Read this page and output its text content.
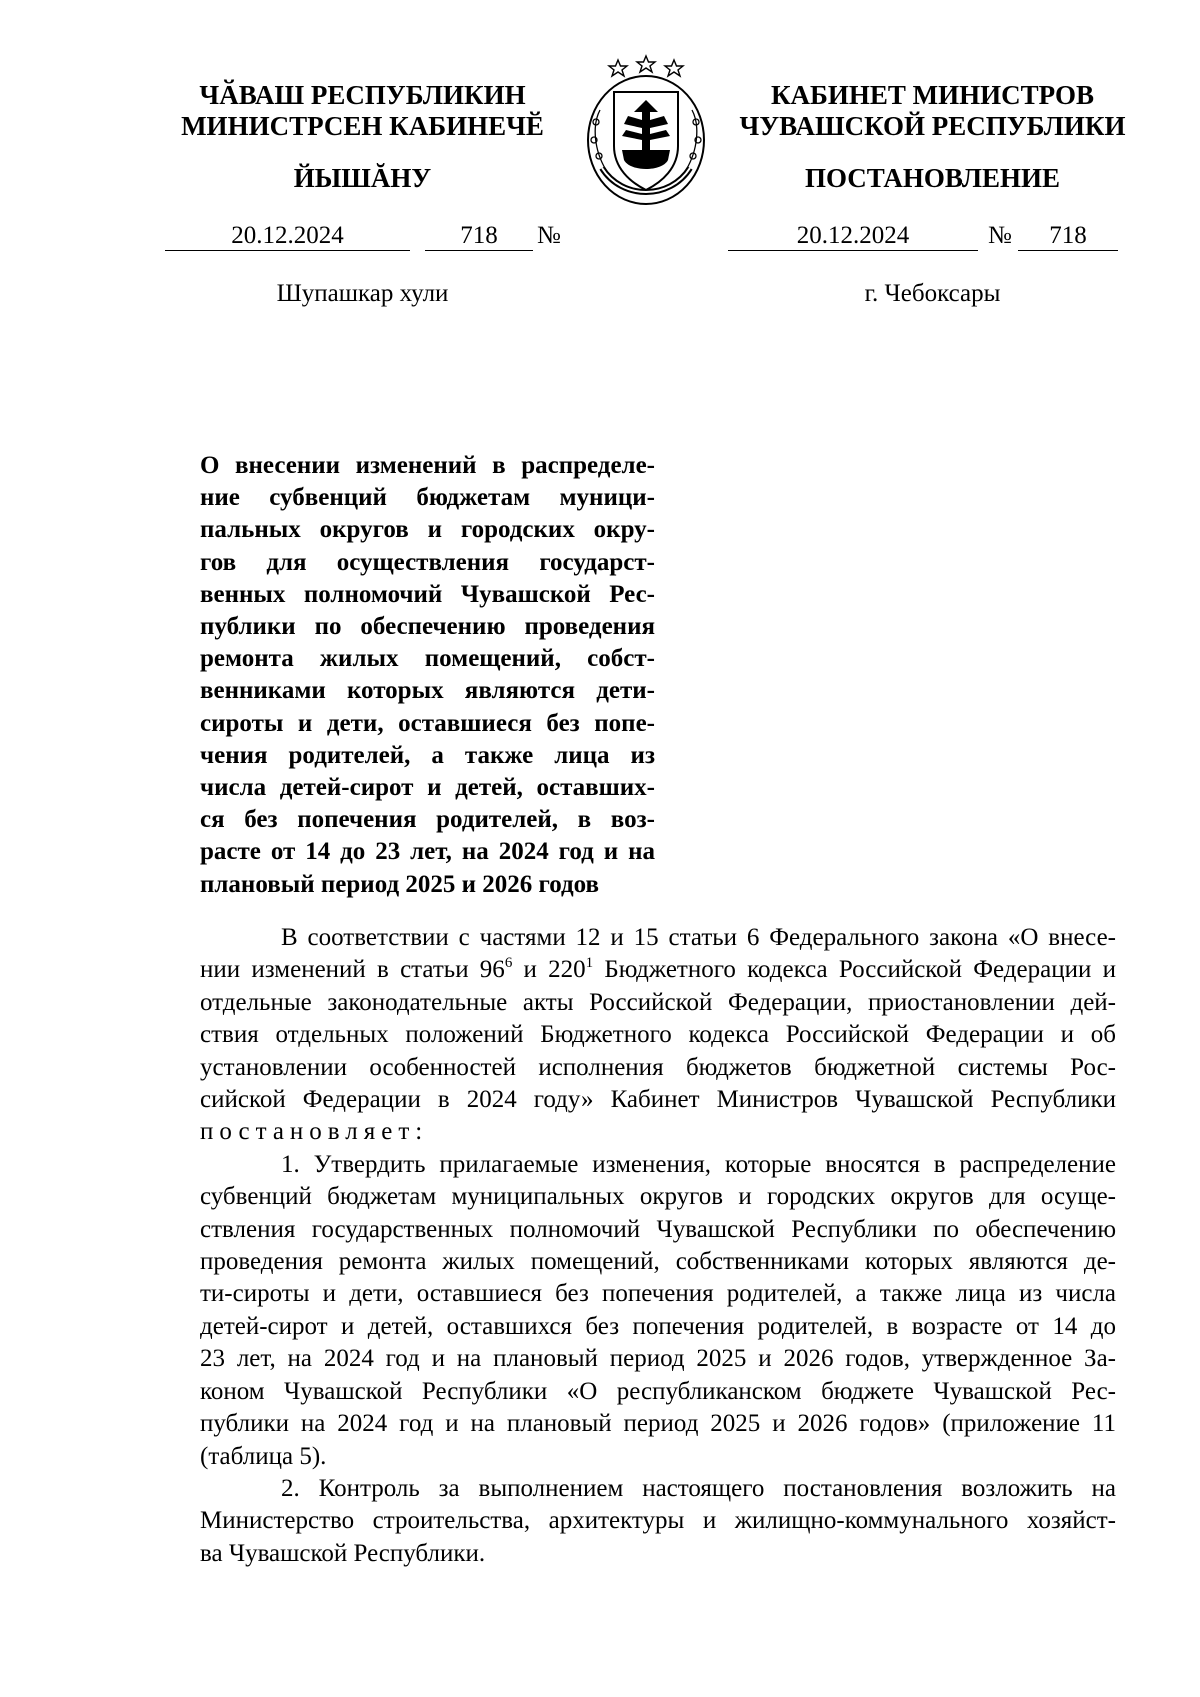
ЧӐВАШ РЕСПУБЛИКИН
МИНИСТРСЕН КАБИНЕЧӖ
ЙЫШĂНУ
КАБИНЕТ МИНИСТРОВ
ЧУВАШСКОЙ РЕСПУБЛИКИ
ПОСТАНОВЛЕНИЕ
20.12.2024	718	№	20.12.2024	№	718
Шупашкар хули	г. Чебоксары
О внесении изменений в распределе-
ние субвенций бюджетам муници-
пальных округов и городских окру-
гов для осуществления государст-
венных полномочий Чувашской Рес-
публики по обеспечению проведения
ремонта жилых помещений, собст-
венниками которых являются дети-
сироты и дети, оставшиеся без попе-
чения родителей, а также лица из
числа детей-сирот и детей, оставших-
ся без попечения родителей, в воз-
расте от 14 до 23 лет, на 2024 год и на
плановый период 2025 и 2026 годов
В соответствии с частями 12 и 15 статьи 6 Федерального закона «О внесе-
нии изменений в статьи $96^6$ и $220^1$ Бюджетного кодекса Российской Федерации и
отдельные законодательные акты Российской Федерации, приостановлении дей-
ствия отдельных положений Бюджетного кодекса Российской Федерации и об
установлении особенностей исполнения бюджетов бюджетной системы Рос-
сийской Федерации в 2024 году» Кабинет Министров Чувашской Республики
постановляет:
1. Утвердить прилагаемые изменения, которые вносятся в распределение
субвенций бюджетам муниципальных округов и городских округов для осуще-
ствления государственных полномочий Чувашской Республики по обеспечению
проведения ремонта жилых помещений, собственниками которых являются де-
ти-сироты и дети, оставшиеся без попечения родителей, а также лица из числа
детей-сирот и детей, оставшихся без попечения родителей, в возрасте от 14 до
23 лет, на 2024 год и на плановый период 2025 и 2026 годов, утвержденное За-
коном Чувашской Республики «О республиканском бюджете Чувашской Рес-
публики на 2024 год и на плановый период 2025 и 2026 годов» (приложение 11
(таблица 5).
2. Контроль за выполнением настоящего постановления возложить на
Министерство строительства, архитектуры и жилищно-коммунального хозяйст-
ва Чувашской Республики.
